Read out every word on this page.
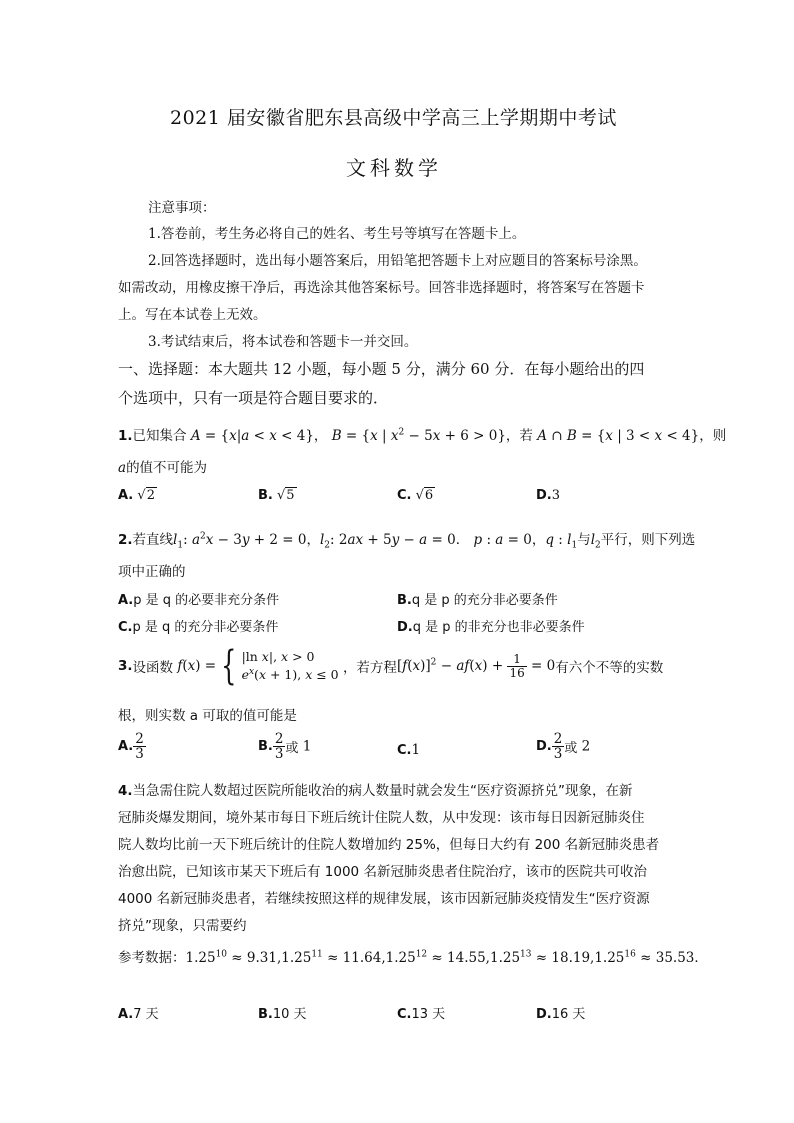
2021 届安徽省肥东县高级中学高三上学期期中考试
文科数学
注意事项：
1.答卷前，考生务必将自己的姓名、考生号等填写在答题卡上。
2.回答选择题时，选出每小题答案后，用铅笔把答题卡上对应题目的答案标号涂黑。
如需改动，用橡皮擦干净后，再选涂其他答案标号。回答非选择题时，将答案写在答题卡
上。写在本试卷上无效。
3.考试结束后，将本试卷和答题卡一并交回。
一、选择题：本大题共 12 小题，每小题 5 分，满分 60 分．在每小题给出的四
个选项中，只有一项是符合题目要求的．
1.已知集合 A = {x|a < x < 4}， B = {x | $x^2 - 5x + 6 > 0$}，若 A ∩ B = {x | 3 < x < 4}，则
a的值不可能为
A. √2	B. √5	C. √6	D.3
2.若直线$l_1$: $a^2x - 3y + 2 = 0$，$l_2$: 2ax + 5y − a = 0． p : a = 0，q : $l_1$与$l_2$平行，则下列选
项中正确的
A.p 是 q 的必要非充分条件	B.q 是 p 的充分非必要条件
C.p 是 q 的充分非必要条件	D.q 是 p 的非充分也非必要条件
3.设函数 f(x) = { |ln x|, x > 0
$e^x(x + 1)$, x ≤ 0 ，若方程$[f(x)]^2 - af(x) + \frac{1}{16} = 0$有六个不等的实数
根，则实数 a 可取的值可能是
A. $\frac{2}{3}$	B. $\frac{2}{3}$ 或 1	C.1	D. $\frac{2}{3}$ 或 2
4.当急需住院人数超过医院所能收治的病人数量时就会发生“医疗资源挤兑”现象，在新
冠肺炎爆发期间，境外某市每日下班后统计住院人数，从中发现：该市每日因新冠肺炎住
院人数均比前一天下班后统计的住院人数增加约 25%，但每日大约有 200 名新冠肺炎患者
治愈出院，已知该市某天下班后有 1000 名新冠肺炎患者住院治疗，该市的医院共可收治
4000 名新冠肺炎患者，若继续按照这样的规律发展，该市因新冠肺炎疫情发生“医疗资源
挤兑”现象，只需要约
参考数据：$1.25^{10} \approx 9.31,1.25^{11} \approx 11.64,1.25^{12} \approx 14.55,1.25^{13} \approx 18.19,1.25^{16} \approx 35.53$．
A.7 天	B.10 天	C.13 天	D.16 天
